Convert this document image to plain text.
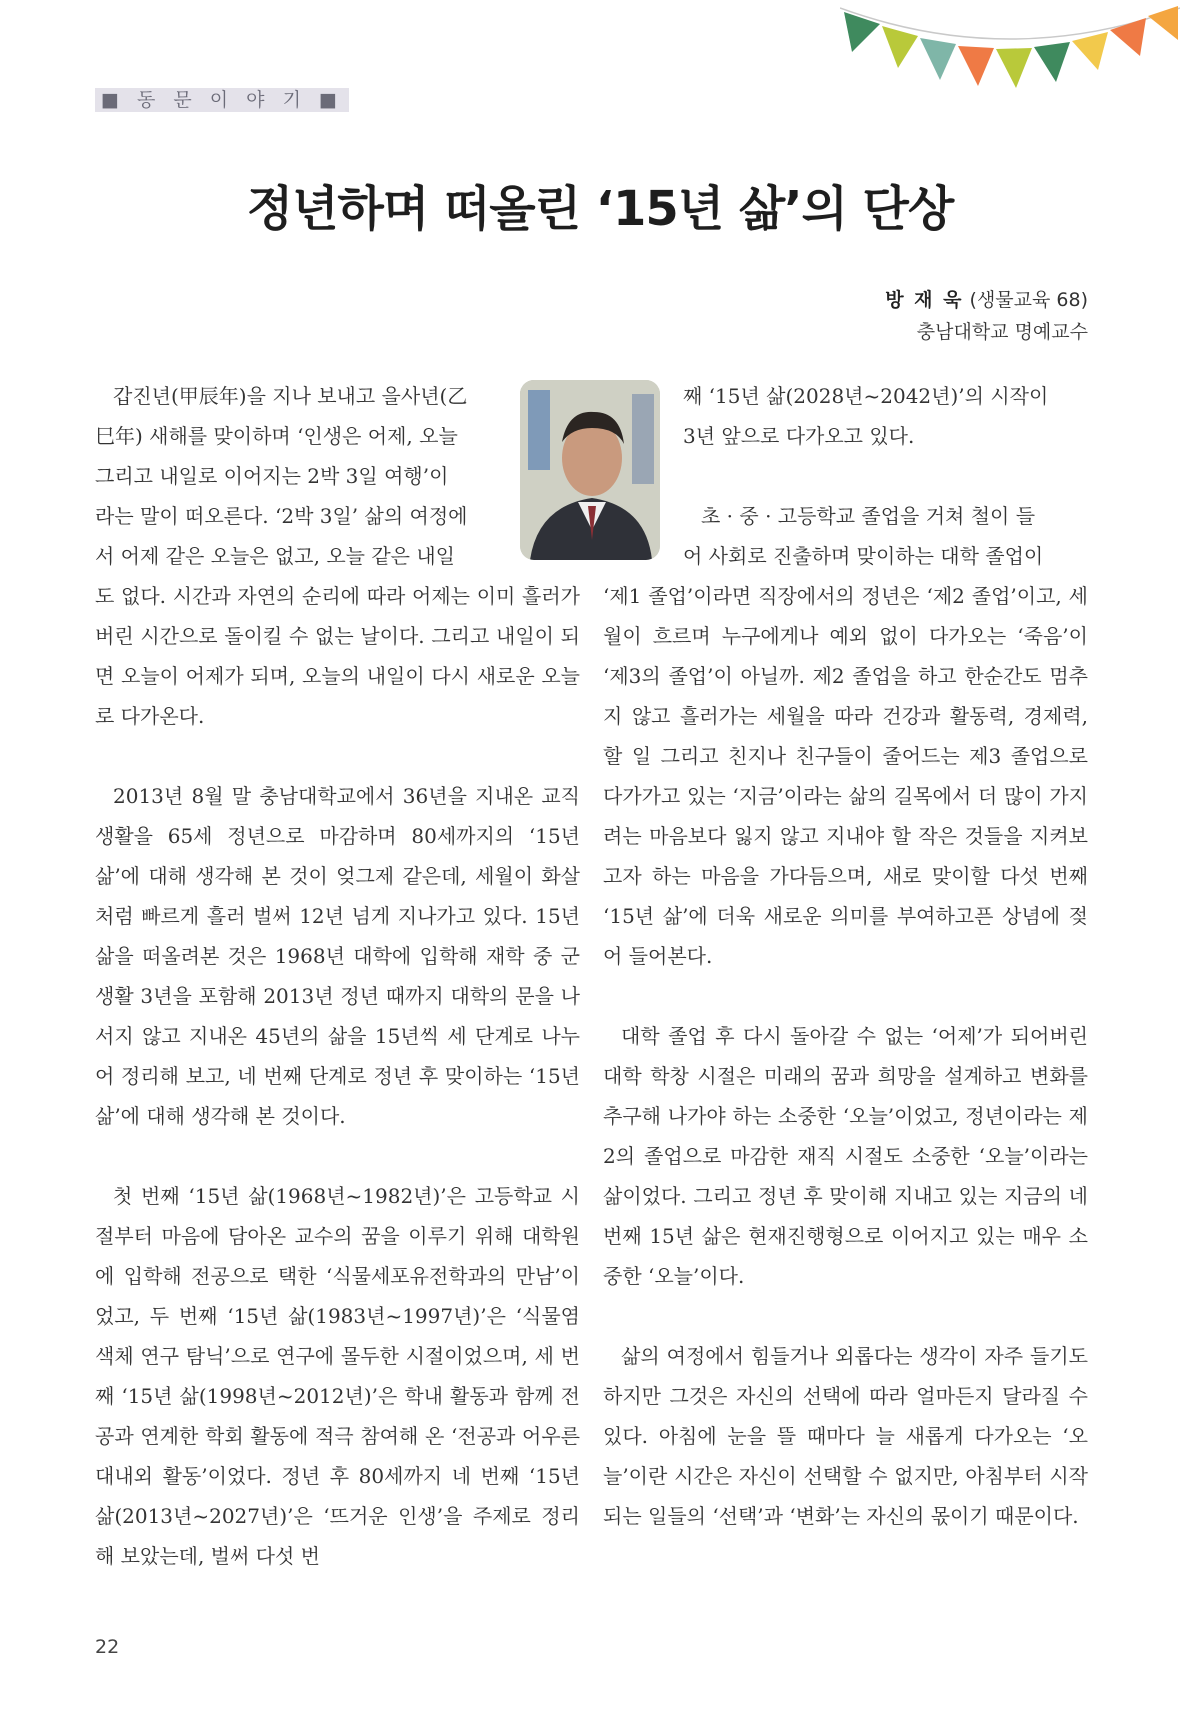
■ 동 문 이 야 기 ■
정년하며 떠올린 ‘15년 삶’의 단상
방 재 욱 (생물교육 68)
충남대학교 명예교수

갑진년(甲辰年)을 지나 보내고 을사년(乙
巳年) 새해를 맞이하며 ‘인생은 어제, 오늘
그리고 내일로 이어지는 2박 3일 여행’이
라는 말이 떠오른다. ‘2박 3일’ 삶의 여정에
서 어제 같은 오늘은 없고, 오늘 같은 내일
도 없다. 시간과 자연의 순리에 따라 어제는 이미 흘러가 버린 시간으로 돌이킬 수 없는 날이다. 그리고 내일이 되면 오늘이 어제가 되며, 오늘의 내일이 다시 새로운 오늘로 다가온다.

2013년 8월 말 충남대학교에서 36년을 지내온 교직 생활을 65세 정년으로 마감하며 80세까지의 ‘15년 삶’에 대해 생각해 본 것이 엊그제 같은데, 세월이 화살처럼 빠르게 흘러 벌써 12년 넘게 지나가고 있다. 15년 삶을 떠올려본 것은 1968년 대학에 입학해 재학 중 군 생활 3년을 포함해 2013년 정년 때까지 대학의 문을 나서지 않고 지내온 45년의 삶을 15년씩 세 단계로 나누어 정리해 보고, 네 번째 단계로 정년 후 맞이하는 ‘15년 삶’에 대해 생각해 본 것이다.

첫 번째 ‘15년 삶(1968년~1982년)’은 고등학교 시절부터 마음에 담아온 교수의 꿈을 이루기 위해 대학원에 입학해 전공으로 택한 ‘식물세포유전학과의 만남’이었고, 두 번째 ‘15년 삶(1983년~1997년)’은 ‘식물염색체 연구 탐닉’으로 연구에 몰두한 시절이었으며, 세 번째 ‘15년 삶(1998년~2012년)’은 학내 활동과 함께 전공과 연계한 학회 활동에 적극 참여해 온 ‘전공과 어우른 대내외 활동’이었다. 정년 후 80세까지 네 번째 ‘15년 삶(2013년~2027년)’은 ‘뜨거운 인생’을 주제로 정리해 보았는데, 벌써 다섯 번

째 ‘15년 삶(2028년~2042년)’의 시작이
3년 앞으로 다가오고 있다.

초 · 중 · 고등학교 졸업을 거쳐 철이 들
어 사회로 진출하며 맞이하는 대학 졸업이
‘제1 졸업’이라면 직장에서의 정년은 ‘제2 졸업’이고, 세월이 흐르며 누구에게나 예외 없이 다가오는 ‘죽음’이 ‘제3의 졸업’이 아닐까. 제2 졸업을 하고 한순간도 멈추지 않고 흘러가는 세월을 따라 건강과 활동력, 경제력, 할 일 그리고 친지나 친구들이 줄어드는 제3 졸업으로 다가가고 있는 ‘지금’이라는 삶의 길목에서 더 많이 가지려는 마음보다 잃지 않고 지내야 할 작은 것들을 지켜보고자 하는 마음을 가다듬으며, 새로 맞이할 다섯 번째 ‘15년 삶’에 더욱 새로운 의미를 부여하고픈 상념에 젖어 들어본다.

대학 졸업 후 다시 돌아갈 수 없는 ‘어제’가 되어버린 대학 학창 시절은 미래의 꿈과 희망을 설계하고 변화를 추구해 나가야 하는 소중한 ‘오늘’이었고, 정년이라는 제2의 졸업으로 마감한 재직 시절도 소중한 ‘오늘’이라는 삶이었다. 그리고 정년 후 맞이해 지내고 있는 지금의 네 번째 15년 삶은 현재진행형으로 이어지고 있는 매우 소중한 ‘오늘’이다.

삶의 여정에서 힘들거나 외롭다는 생각이 자주 들기도 하지만 그것은 자신의 선택에 따라 얼마든지 달라질 수 있다. 아침에 눈을 뜰 때마다 늘 새롭게 다가오는 ‘오늘’이란 시간은 자신이 선택할 수 없지만, 아침부터 시작되는 일들의 ‘선택’과 ‘변화’는 자신의 몫이기 때문이다.

22
